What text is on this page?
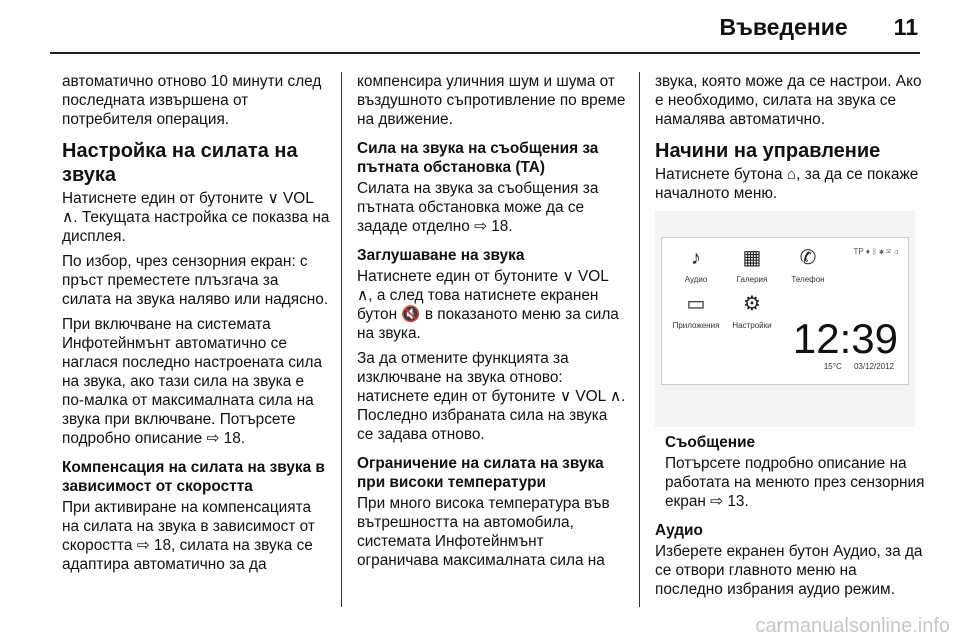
Въведение 11

автоматично отново 10 минути след последната извършена от потребителя операция.

Настройка на силата на звука

Натиснете един от бутоните ∨ VOL ∧. Текущата настройка се показва на дисплея.

По избор, чрез сензорния екран: с пръст преместете плъзгача за силата на звука наляво или надясно.

При включване на системата Инфотейнмънт автоматично се наглася последно настроената сила на звука, ако тази сила на звука е по-малка от максималната сила на звука при включване. Потърсете подробно описание ⇨ 18.

Компенсация на силата на звука в зависимост от скоростта

При активиране на компенсацията на силата на звука в зависимост от скоростта ⇨ 18, силата на звука се адаптира автоматично за да

компенсира уличния шум и шума от въздушното съпротивление по време на движение.

Сила на звука на съобщения за пътната обстановка (TA)

Силата на звука за съобщения за пътната обстановка може да се зададе отделно ⇨ 18.

Заглушаване на звука

Натиснете един от бутоните ∨ VOL ∧, а след това натиснете екранен бутон 🔇 в показаното меню за сила на звука.

За да отмените функцията за изключване на звука отново: натиснете един от бутоните ∨ VOL ∧. Последно избраната сила на звука се задава отново.

Ограничение на силата на звука при високи температури

При много висока температура във вътрешността на автомобила, системата Инфотейнмънт ограничава максималната сила на

звука, която може да се настрои. Ако е необходимо, силата на звука се намалява автоматично.

Начини на управление

Натиснете бутона ⌂, за да се покаже началното меню.

TP ♦ ᛒ ✱ ✉ ◁
♪
Аудио
▦
Галерия
✆
Телефон
▭
Приложения
⚙
Настройки 12:39
15°C 03/12/2012
Съобщение

Потърсете подробно описание на работата на менюто през сензорния екран ⇨ 13.

Аудио

Изберете екранен бутон Аудио, за да се отвори главното меню на последно избрания аудио режим.

carmanualsonline.info
